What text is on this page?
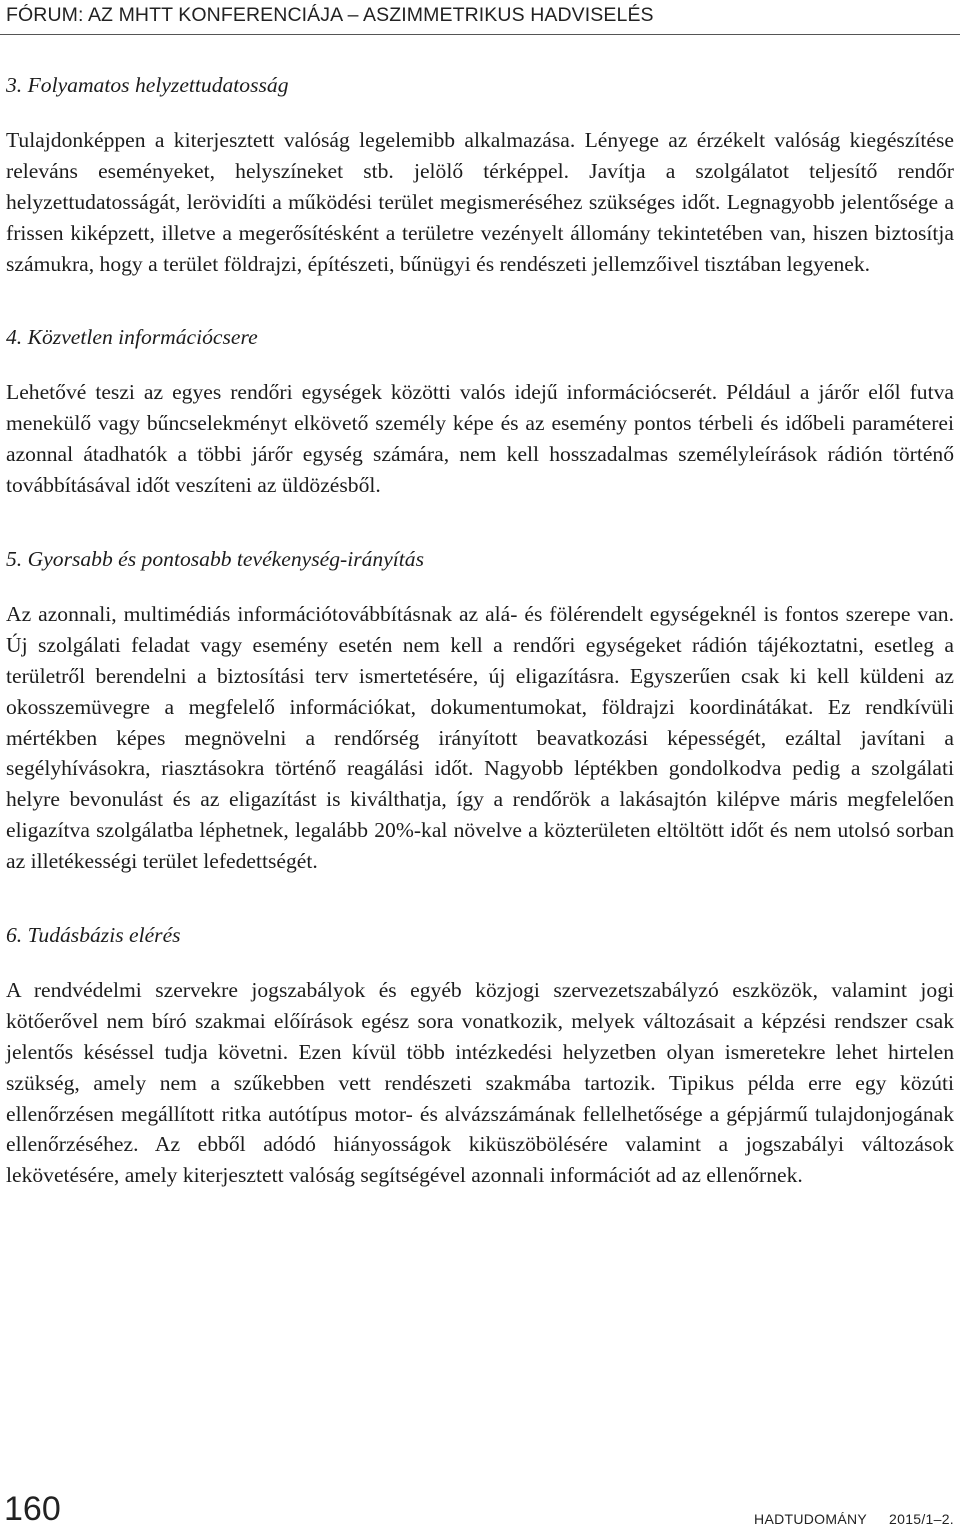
FÓRUM: AZ MHTT KONFERENCIÁJA – ASZIMMETRIKUS HADVISELÉS
3. Folyamatos helyzettudatosság
Tulajdonképpen a kiterjesztett valóság legelemibb alkalmazása. Lényege az érzékelt valóság kiegészítése releváns eseményeket, helyszíneket stb. jelölő térképpel. Javítja a szolgálatot teljesítő rendőr helyzettudatosságát, lerövidíti a működési terület megismeréséhez szükséges időt. Legnagyobb jelentősége a frissen kiképzett, illetve a megerősítésként a területre vezényelt állomány tekintetében van, hiszen biztosítja számukra, hogy a terület földrajzi, építészeti, bűnügyi és rendészeti jellemzőivel tisztában legyenek.
4. Közvetlen információcsere
Lehetővé teszi az egyes rendőri egységek közötti valós idejű információcserét. Például a járőr elől futva menekülő vagy bűncselekményt elkövető személy képe és az esemény pontos térbeli és időbeli paraméterei azonnal átadhatók a többi járőr egység számára, nem kell hosszadalmas személyleírások rádión történő továbbításával időt veszíteni az üldözésből.
5. Gyorsabb és pontosabb tevékenység-irányítás
Az azonnali, multimédiás információtovábbításnak az alá- és fölérendelt egységeknél is fontos szerepe van. Új szolgálati feladat vagy esemény esetén nem kell a rendőri egységeket rádión tájékoztatni, esetleg a területről berendelni a biztosítási terv ismertetésére, új eligazításra. Egyszerűen csak ki kell küldeni az okosszemüvegre a megfelelő információkat, dokumentumokat, földrajzi koordinátákat. Ez rendkívüli mértékben képes megnövelni a rendőrség irányított beavatkozási képességét, ezáltal javítani a segélyhívásokra, riasztásokra történő reagálási időt. Nagyobb léptékben gondolkodva pedig a szolgálati helyre bevonulást és az eligazítást is kiválthatja, így a rendőrök a lakásajtón kilépve máris megfelelően eligazítva szolgálatba léphetnek, legalább 20%-kal növelve a közterületen eltöltött időt és nem utolsó sorban az illetékességi terület lefedettségét.
6. Tudásbázis elérés
A rendvédelmi szervekre jogszabályok és egyéb közjogi szervezetszabályzó eszközök, valamint jogi kötőerővel nem bíró szakmai előírások egész sora vonatkozik, melyek változásait a képzési rendszer csak jelentős késéssel tudja követni. Ezen kívül több intézkedési helyzetben olyan ismeretekre lehet hirtelen szükség, amely nem a szűkebben vett rendészeti szakmába tartozik. Tipikus példa erre egy közúti ellenőrzésen megállított ritka autótípus motor- és alvázszámának fellelhetősége a gépjármű tulajdonjogának ellenőrzéséhez. Az ebből adódó hiányosságok kiküszöbölésére valamint a jogszabályi változások lekövetésére, amely kiterjesztett valóság segítségével azonnali információt ad az ellenőrnek.
160	HADTUDOMÁNY 2015/1–2.
